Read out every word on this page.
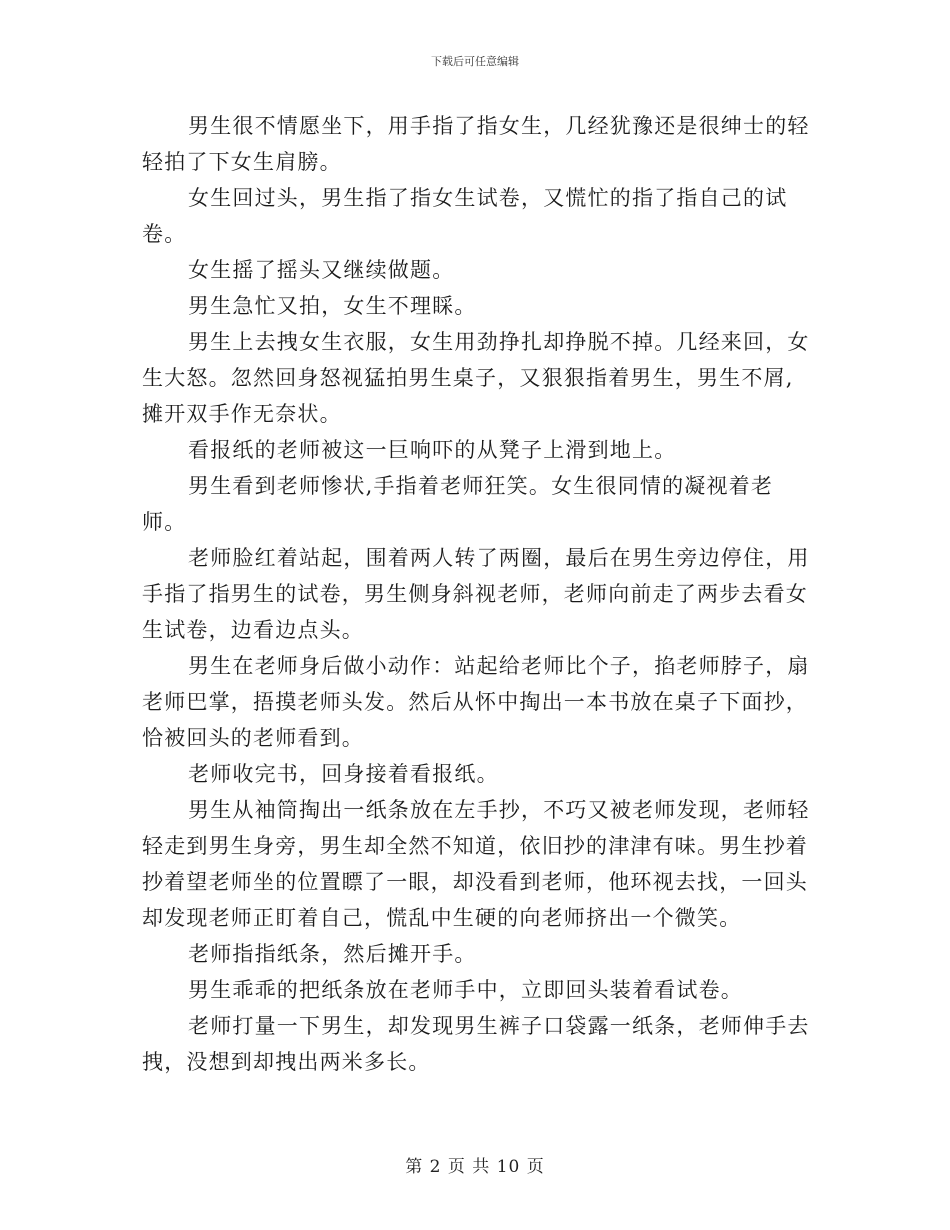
下载后可任意编辑

男生很不情愿坐下，用手指了指女生，几经犹豫还是很绅士的轻轻拍了下女生肩膀。

女生回过头，男生指了指女生试卷，又慌忙的指了指自己的试卷。

女生摇了摇头又继续做题。

男生急忙又拍，女生不理睬。

男生上去拽女生衣服，女生用劲挣扎却挣脱不掉。几经来回，女生大怒。忽然回身怒视猛拍男生桌子，又狠狠指着男生，男生不屑,摊开双手作无奈状。

看报纸的老师被这一巨响吓的从凳子上滑到地上。

男生看到老师惨状,手指着老师狂笑。女生很同情的凝视着老师。

老师脸红着站起，围着两人转了两圈，最后在男生旁边停住，用手指了指男生的试卷，男生侧身斜视老师，老师向前走了两步去看女生试卷，边看边点头。

男生在老师身后做小动作：站起给老师比个子，掐老师脖子，扇老师巴掌，捂摸老师头发。然后从怀中掏出一本书放在桌子下面抄，恰被回头的老师看到。

老师收完书，回身接着看报纸。

男生从袖筒掏出一纸条放在左手抄，不巧又被老师发现，老师轻轻走到男生身旁，男生却全然不知道，依旧抄的津津有味。男生抄着抄着望老师坐的位置瞟了一眼，却没看到老师，他环视去找，一回头却发现老师正盯着自己，慌乱中生硬的向老师挤出一个微笑。

老师指指纸条，然后摊开手。

男生乖乖的把纸条放在老师手中，立即回头装着看试卷。

老师打量一下男生，却发现男生裤子口袋露一纸条，老师伸手去拽，没想到却拽出两米多长。

第 2 页 共 10 页
